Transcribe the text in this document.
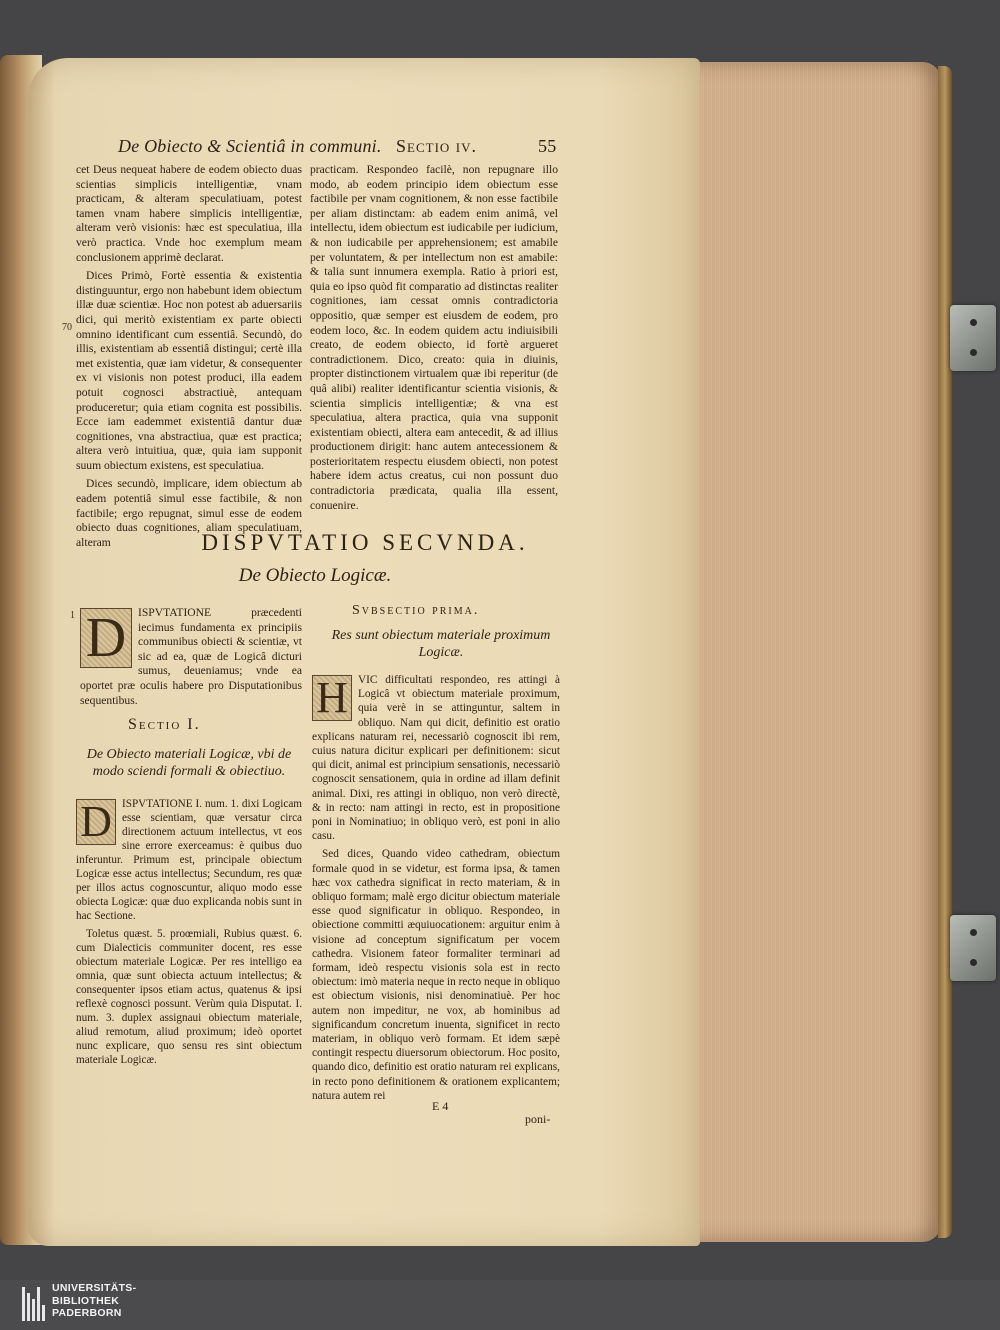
De Obiecto & Scientiâ in communi. Sectio iv.	55

cet Deus nequeat habere de eodem obiecto duas scientias simplicis intelligentiæ, vnam practicam, & alteram speculatiuam, potest tamen vnam habere simplicis intelligentiæ, alteram verò visionis: hæc est speculatiua, illa verò practica. Vnde hoc exemplum meam conclusionem apprimè declarat.

Dices Primò, Fortè essentia & existentia distinguuntur, ergo non habebunt idem obiectum illæ duæ scientiæ. Hoc non potest ab aduersariis dici, qui meritò existentiam ex parte obiecti omnino identificant cum essentiâ. Secundò, do illis, existentiam ab essentiâ distingui; certè illa met existentia, quæ iam videtur, & consequenter ex vi visionis non potest produci, illa eadem potuit cognosci abstractiuè, antequam produceretur; quia etiam cognita est possibilis. Ecce iam eademmet existentiâ dantur duæ cognitiones, vna abstractiua, quæ est practica; altera verò intuitiua, quæ, quia iam supponit suum obiectum existens, est speculatiua.

Dices secundò, implicare, idem obiectum ab eadem potentiâ simul esse factibile, & non factibile; ergo repugnat, simul esse de eodem obiecto duas cognitiones, aliam speculatiuam, alteram

70

practicam. Respondeo facilè, non repugnare illo modo, ab eodem principio idem obiectum esse factibile per vnam cognitionem, & non esse factibile per aliam distinctam: ab eadem enim animâ, vel intellectu, idem obiectum est iudicabile per iudicium, & non iudicabile per apprehensionem; est amabile per voluntatem, & per intellectum non est amabile: & talia sunt innumera exempla. Ratio à priori est, quia eo ipso quòd fit comparatio ad distinctas realiter cognitiones, iam cessat omnis contradictoria oppositio, quæ semper est eiusdem de eodem, pro eodem loco, &c. In eodem quidem actu indiuisibili creato, de eodem obiecto, id fortè argueret contradictionem. Dico, creato: quia in diuinis, propter distinctionem virtualem quæ ibi reperitur (de quâ alibi) realiter identificantur scientia visionis, & scientia simplicis intelligentiæ; & vna est speculatiua, altera practica, quia vna supponit existentiam obiecti, altera eam antecedit, & ad illius productionem dirigit: hanc autem antecessionem & posterioritatem respectu eiusdem obiecti, non potest habere idem actus creatus, cui non possunt duo contradictoria prædicata, qualia illa essent, conuenire.

DISPVTATIO SECVNDA.
De Obiecto Logicæ.
1 D	ISPVTATIONE præcedenti iecimus fundamenta ex principiis communibus obiecti & scientiæ, vt sic ad ea, quæ de Logicâ dicturi sumus, deueniamus; vnde ea oportet præ oculis habere pro Disputationibus sequentibus.
Sectio I.
De Obiecto materiali Logicæ, vbi de modo sciendi formali & obiectiuo.

D ISPVTATIONE I. num. 1. dixi Logicam esse scientiam, quæ versatur circa directionem actuum intellectus, vt eos sine errore exerceamus: è quibus duo inferuntur. Primum est, principale obiectum Logicæ esse actus intellectus; Secundum, res quæ per illos actus cognoscuntur, aliquo modo esse obiecta Logicæ: quæ duo explicanda nobis sunt in hac Sectione.

Toletus quæst. 5. proœmiali, Rubius quæst. 6. cum Dialecticis communiter docent, res esse obiectum materiale Logicæ. Per res intelligo ea omnia, quæ sunt obiecta actuum intellectus; & consequenter ipsos etiam actus, quatenus & ipsi reflexè cognosci possunt. Verùm quia Disputat. I. num. 3. duplex assignaui obiectum materiale, aliud remotum, aliud proximum; ideò oportet nunc explicare, quo sensu res sint obiectum materiale Logicæ.

Svbsectio prima.
Res sunt obiectum materiale proximum Logicæ.

H VIC difficultati respondeo, res attingi à Logicâ vt obiectum materiale proximum, quia verè in se attinguntur, saltem in obliquo. Nam qui dicit, definitio est oratio explicans naturam rei, necessariò cognoscit ibi rem, cuius natura dicitur explicari per definitionem: sicut qui dicit, animal est principium sensationis, necessariò cognoscit sensationem, quia in ordine ad illam definit animal. Dixi, res attingi in obliquo, non verò directè, & in recto: nam attingi in recto, est in propositione poni in Nominatiuo; in obliquo verò, est poni in alio casu.

Sed dices, Quando video cathedram, obiectum formale quod in se videtur, est forma ipsa, & tamen hæc vox cathedra significat in recto materiam, & in obliquo formam; malè ergo dicitur obiectum materiale esse quod significatur in obliquo. Respondeo, in obiectione committi æquiuocationem: arguitur enim à visione ad conceptum significatum per vocem cathedra. Visionem fateor formaliter terminari ad formam, ideò respectu visionis sola est in recto obiectum: imò materia neque in recto neque in obliquo est obiectum visionis, nisi denominatiuè. Per hoc autem non impeditur, ne vox, ab hominibus ad significandum concretum inuenta, significet in recto materiam, in obliquo verò formam. Et idem sæpè contingit respectu diuersorum obiectorum. Hoc posito, quando dico, definitio est oratio naturam rei explicans, in recto pono definitionem & orationem explicantem; natura autem rei

E 4
poni-
UNIVERSITÄTS-
BIBLIOTHEK
PADERBORN
